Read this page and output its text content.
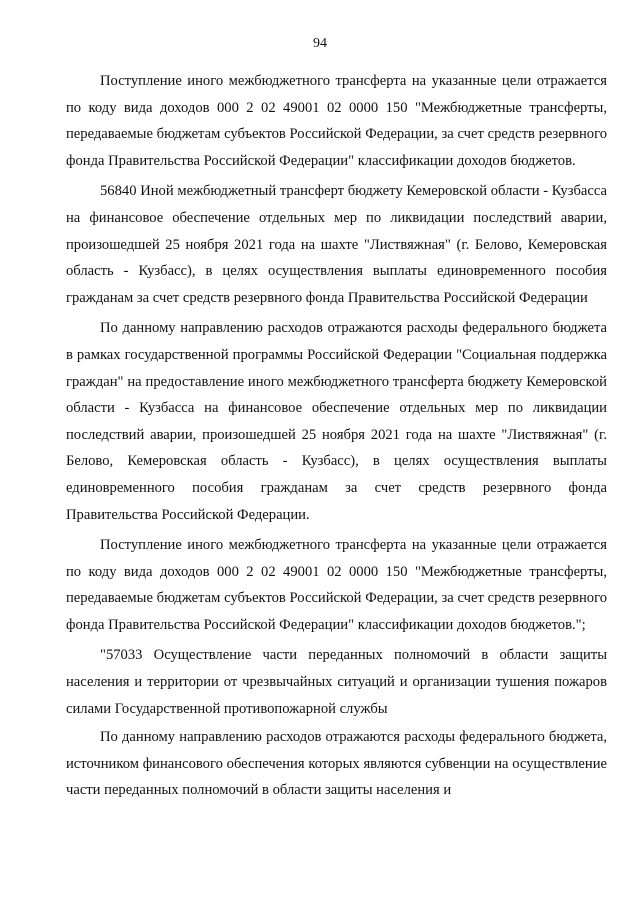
94

Поступление иного межбюджетного трансферта на указанные цели отражается по коду вида доходов 000 2 02 49001 02 0000 150 "Межбюджетные трансферты, передаваемые бюджетам субъектов Российской Федерации, за счет средств резервного фонда Правительства Российской Федерации" классификации доходов бюджетов.

56840 Иной межбюджетный трансферт бюджету Кемеровской области - Кузбасса на финансовое обеспечение отдельных мер по ликвидации последствий аварии, произошедшей 25 ноября 2021 года на шахте "Листвяжная" (г. Белово, Кемеровская область - Кузбасс), в целях осуществления выплаты единовременного пособия гражданам за счет средств резервного фонда Правительства Российской Федерации

По данному направлению расходов отражаются расходы федерального бюджета в рамках государственной программы Российской Федерации "Социальная поддержка граждан" на предоставление иного межбюджетного трансферта бюджету Кемеровской области - Кузбасса на финансовое обеспечение отдельных мер по ликвидации последствий аварии, произошедшей 25 ноября 2021 года на шахте "Листвяжная" (г. Белово, Кемеровская область - Кузбасс), в целях осуществления выплаты единовременного пособия гражданам за счет средств резервного фонда Правительства Российской Федерации.

Поступление иного межбюджетного трансферта на указанные цели отражается по коду вида доходов 000 2 02 49001 02 0000 150 "Межбюджетные трансферты, передаваемые бюджетам субъектов Российской Федерации, за счет средств резервного фонда Правительства Российской Федерации" классификации доходов бюджетов.";

"57033 Осуществление части переданных полномочий в области защиты населения и территории от чрезвычайных ситуаций и организации тушения пожаров силами Государственной противопожарной службы

По данному направлению расходов отражаются расходы федерального бюджета, источником финансового обеспечения которых являются субвенции на осуществление части переданных полномочий в области защиты населения и
